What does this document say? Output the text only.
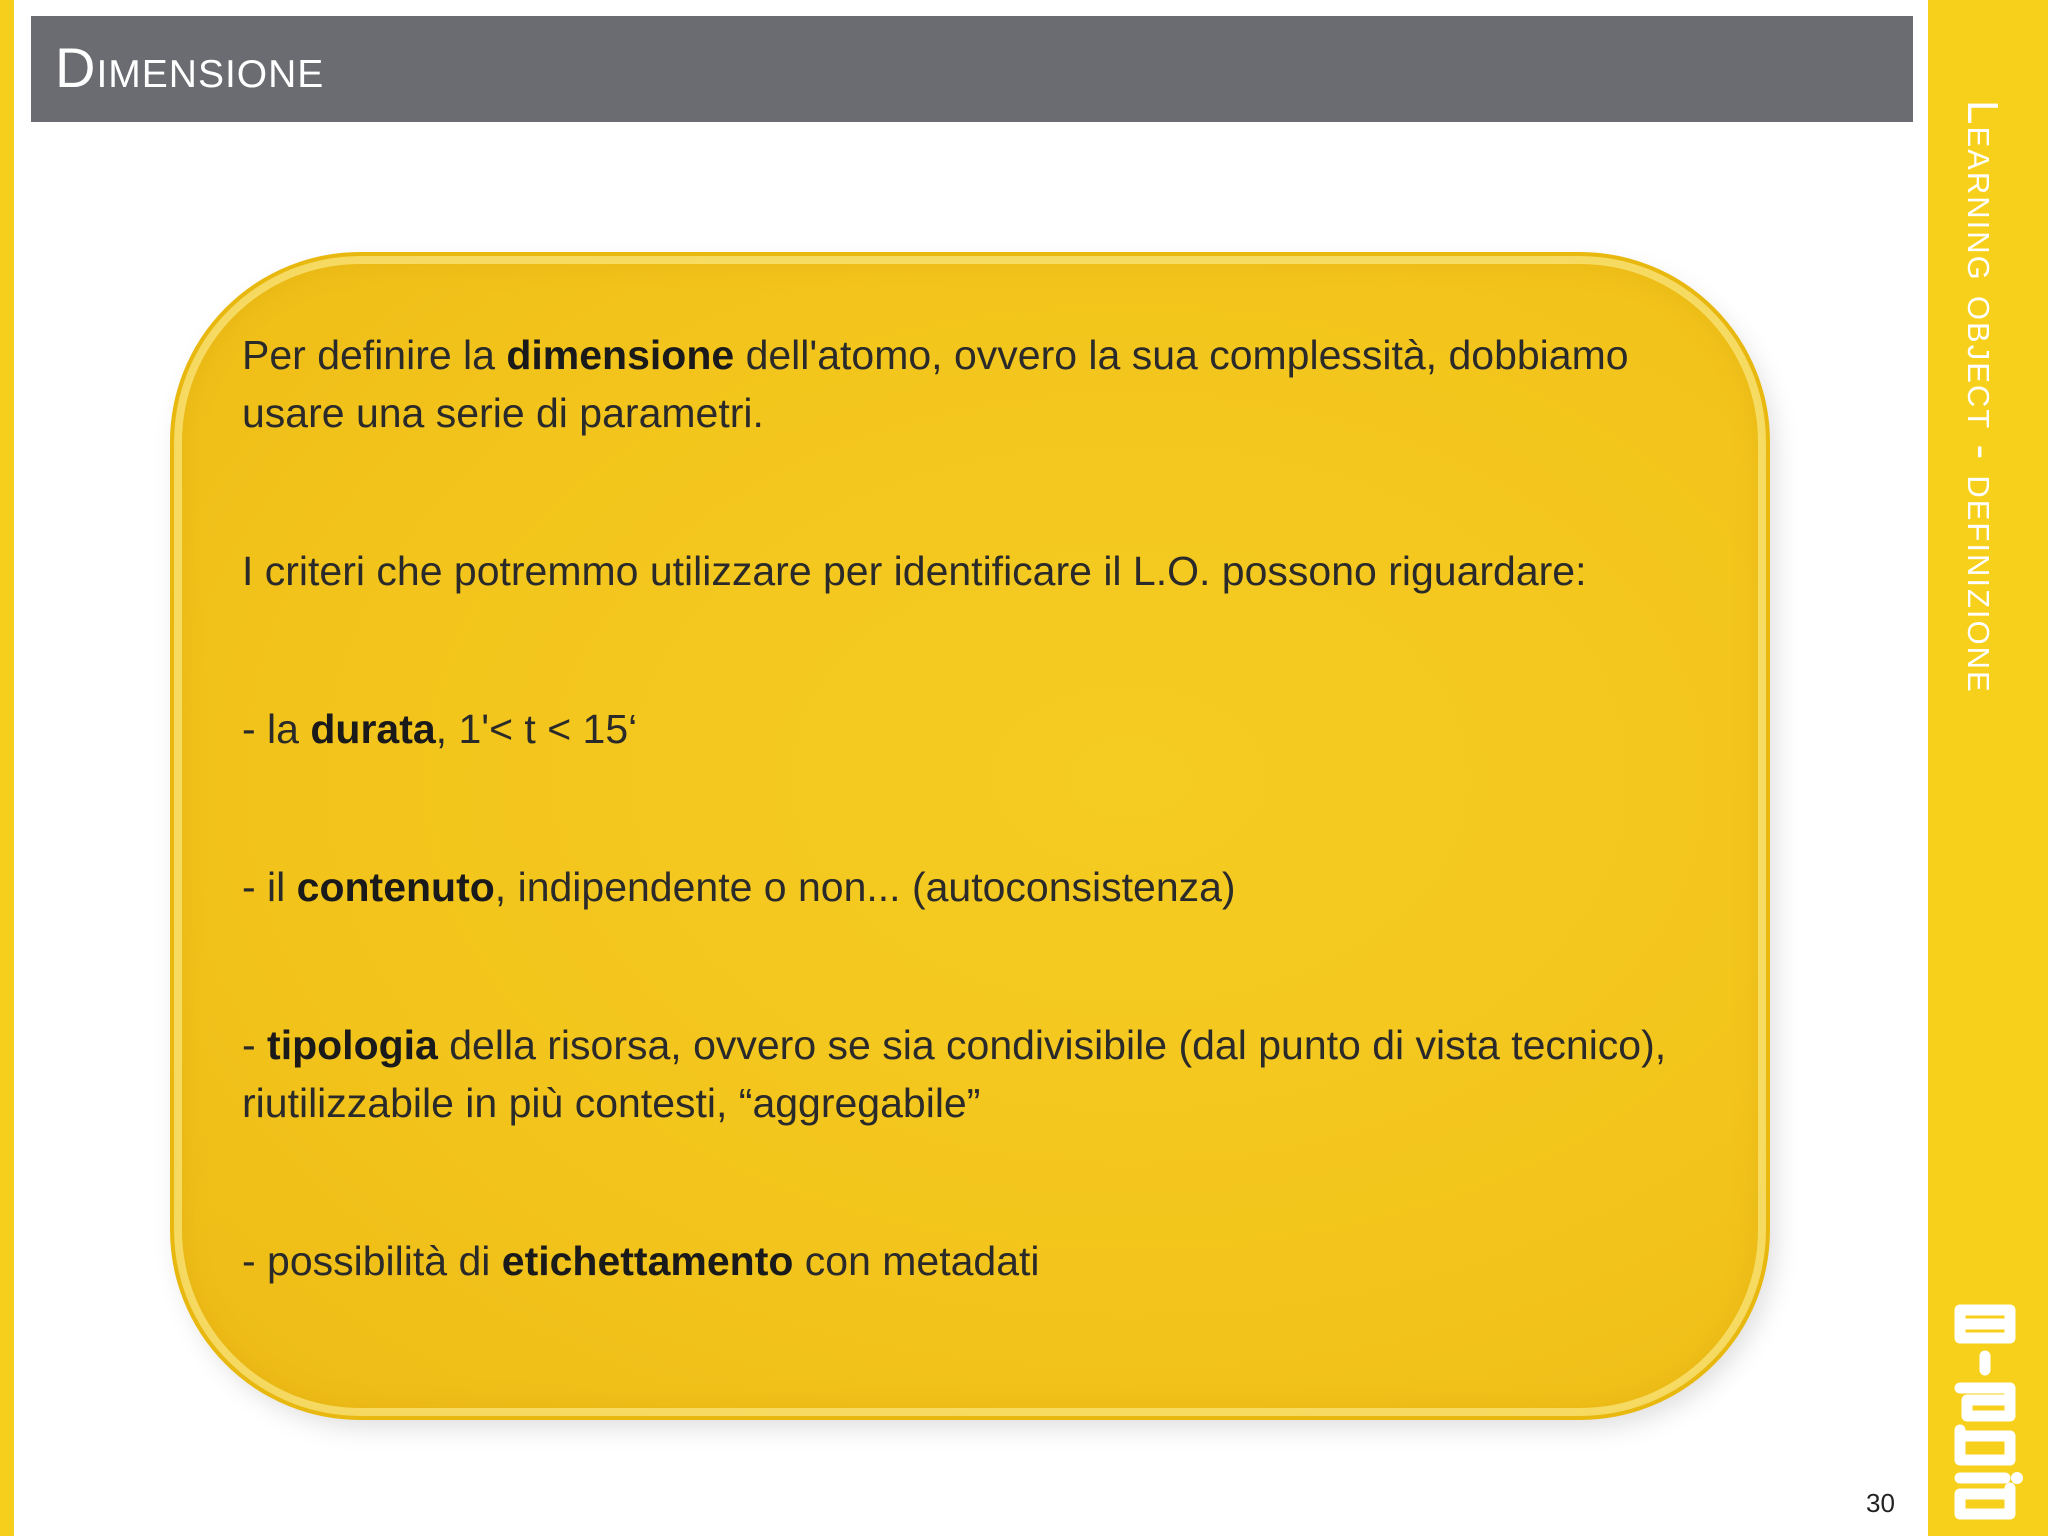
Dimensione
Learning object - definizione
30

Per definire la dimensione dell'atomo, ovvero la sua complessità, dobbiamo usare una serie di parametri.

I criteri che potremmo utilizzare per identificare il L.O. possono riguardare:

- la durata, 1'< t < 15‘

- il contenuto, indipendente o non... (autoconsistenza)

- tipologia della risorsa, ovvero se sia condivisibile (dal punto di vista tecnico), riutilizzabile in più contesti, “aggregabile”

- possibilità di etichettamento con metadati
